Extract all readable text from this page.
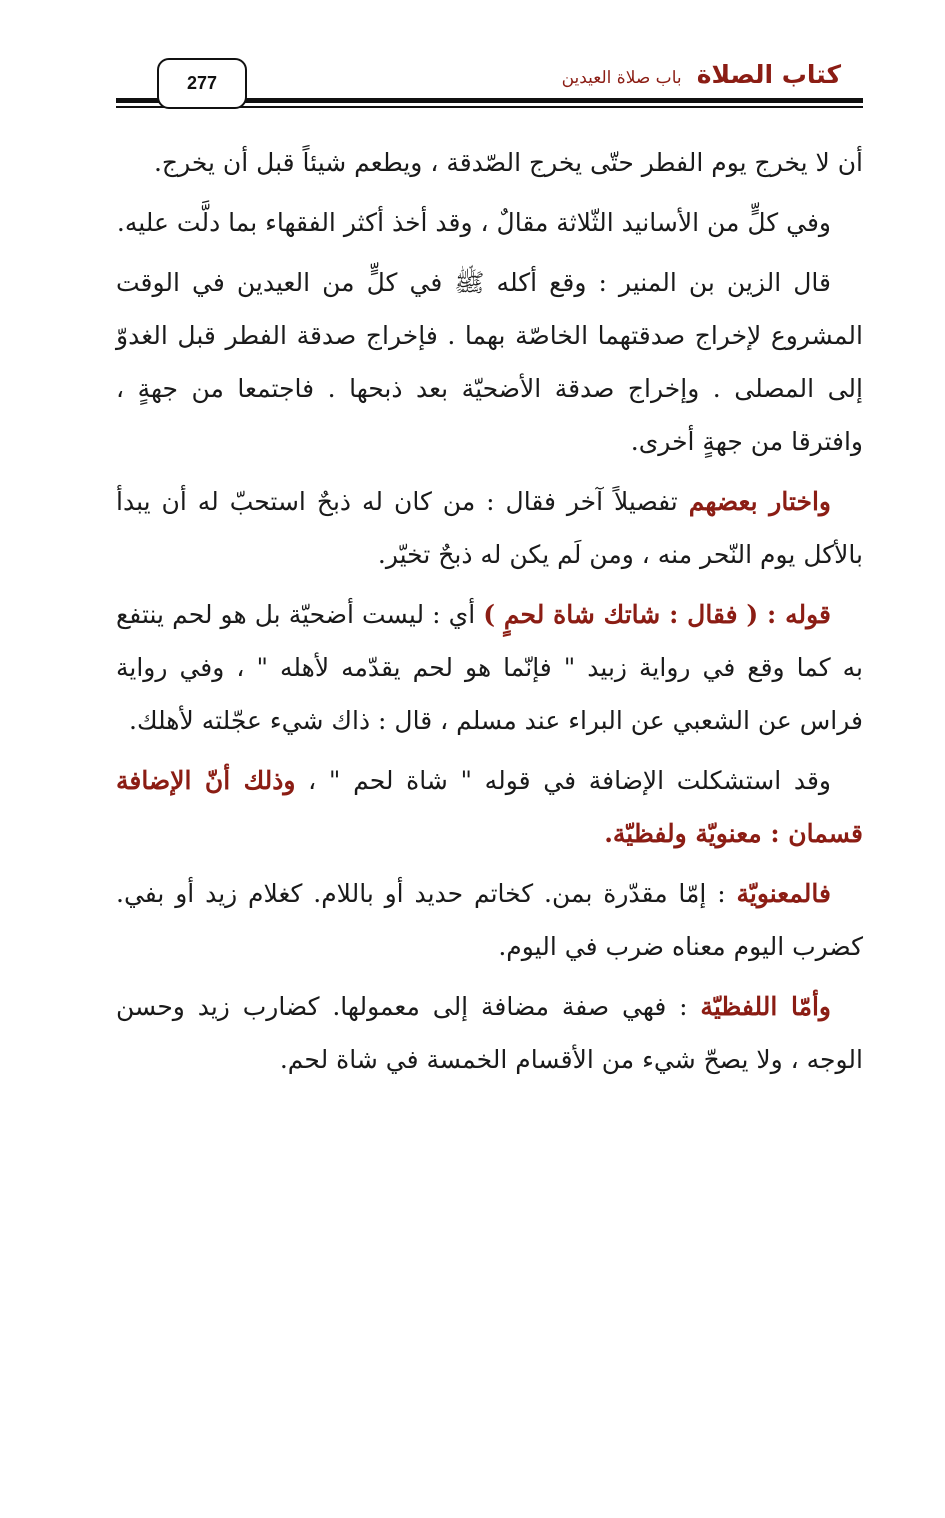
كتاب الصلاة باب صلاة العيدين
277

أن لا يخرج يوم الفطر حتّى يخرج الصّدقة ، ويطعم شيئاً قبل أن يخرج.

وفي كلٍّ من الأسانيد الثّلاثة مقالٌ ، وقد أخذ أكثر الفقهاء بما دلَّت عليه.

قال الزين بن المنير : وقع أكله ﷺ في كلٍّ من العيدين في الوقت المشروع لإخراج صدقتهما الخاصّة بهما . فإخراج صدقة الفطر قبل الغدوّ إلى المصلى . وإخراج صدقة الأضحيّة بعد ذبحها . فاجتمعا من جهةٍ ، وافترقا من جهةٍ أخرى.

واختار بعضهم تفصيلاً آخر فقال : من كان له ذبحٌ استحبّ له أن يبدأ بالأكل يوم النّحر منه ، ومن لَم يكن له ذبحٌ تخيّر.

قوله : ( فقال : شاتك شاة لحمٍ ) أي : ليست أضحيّة بل هو لحم ينتفع به كما وقع في رواية زبيد " فإنّما هو لحم يقدّمه لأهله " ، وفي رواية فراس عن الشعبي عن البراء عند مسلم ، قال : ذاك شيء عجّلته لأهلك.

وقد استشكلت الإضافة في قوله " شاة لحم " ، وذلك أنّ الإضافة قسمان : معنويّة ولفظيّة.

فالمعنويّة : إمّا مقدّرة بمن. كخاتم حديد أو باللام. كغلام زيد أو بفي. كضرب اليوم معناه ضرب في اليوم.

وأمّا اللفظيّة : فهي صفة مضافة إلى معمولها. كضارب زيد وحسن الوجه ، ولا يصحّ شيء من الأقسام الخمسة في شاة لحم.
